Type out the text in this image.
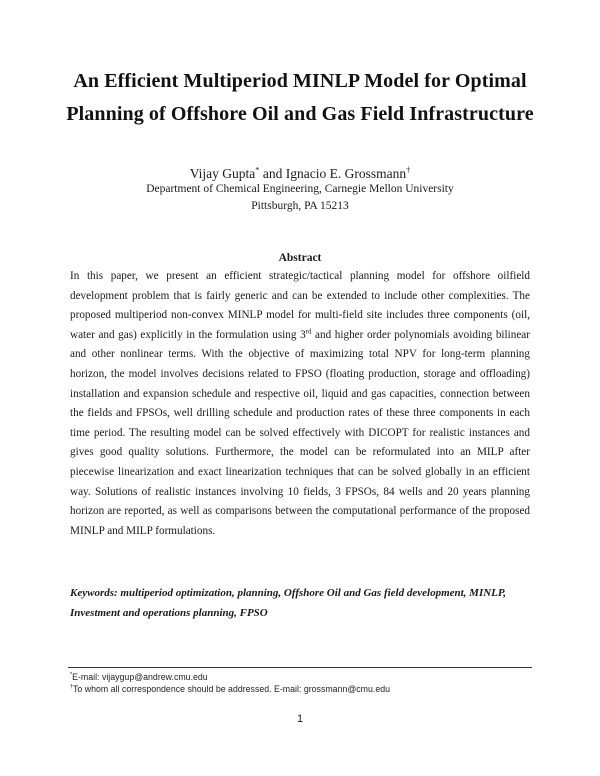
An Efficient Multiperiod MINLP Model for Optimal
Planning of Offshore Oil and Gas Field Infrastructure
Vijay Gupta* and Ignacio E. Grossmann†
Department of Chemical Engineering, Carnegie Mellon University
Pittsburgh, PA 15213
Abstract
In this paper, we present an efficient strategic/tactical planning model for offshore oilfield development problem that is fairly generic and can be extended to include other complexities. The proposed multiperiod non-convex MINLP model for multi-field site includes three components (oil, water and gas) explicitly in the formulation using 3rd and higher order polynomials avoiding bilinear and other nonlinear terms. With the objective of maximizing total NPV for long-term planning horizon, the model involves decisions related to FPSO (floating production, storage and offloading) installation and expansion schedule and respective oil, liquid and gas capacities, connection between the fields and FPSOs, well drilling schedule and production rates of these three components in each time period. The resulting model can be solved effectively with DICOPT for realistic instances and gives good quality solutions. Furthermore, the model can be reformulated into an MILP after piecewise linearization and exact linearization techniques that can be solved globally in an efficient way. Solutions of realistic instances involving 10 fields, 3 FPSOs, 84 wells and 20 years planning horizon are reported, as well as comparisons between the computational performance of the proposed MINLP and MILP formulations.
Keywords: multiperiod optimization, planning, Offshore Oil and Gas field development, MINLP, Investment and operations planning, FPSO
*E-mail: vijaygup@andrew.cmu.edu
†To whom all correspondence should be addressed. E-mail: grossmann@cmu.edu
1
